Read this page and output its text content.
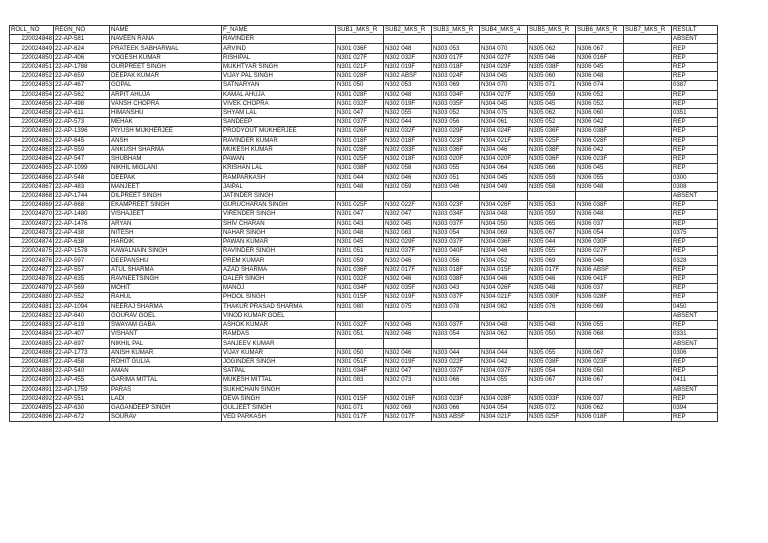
ROLL_NO	REGN_NO	NAME	F_NAME	SUB1_MKS_R	SUB2_MKS_R	SUB3_MKS_R	SUB4_MKS_4	SUB5_MKS_R	SUB6_MKS_R	SUB7_MKS_R	RESULT
220024848	22-AP-581	NAVEEN RANA	RAVINDER								ABSENT
220024849	22-AP-624	PRATEEK SABHARWAL	ARVIND	N301 036F	N302 048	N303 053	N304 070	N305 062	N306 067		REP
220024850	22-AP-406	YOGESH KUMAR	RISHIPAL	N301 027F	N302 032F	N303 017F	N304 027F	N305 046	N306 016F		REP
220024851	22-AP-1788	GURPREET SINGH	MUKHTYAR SINGH	N301 021F	N302 019F	N303 018F	N304 029F	N305 038F	N306 045		REP
220024852	22-AP-659	DEEPAK KUMAR	VIJAY PAL SINGH	N301 028F	N302 ABSF	N303 024F	N304 045	N305 060	N306 048		REP
220024853	22-AP-467	GOPAL	SATNARYAN	N301 050	N302 053	N303 069	N304 070	N305 071	N306 074		0387
220024854	22-AP-562	ARPIT AHUJA	KAMAL AHUJA	N301 028F	N302 048	N303 034F	N304 027F	N305 059	N306 052		REP
220024856	22-AP-498	VANSH CHOPRA	VIVEK CHOPRA	N301 032F	N302 019F	N303 035F	N304 045	N305 045	N306 052		REP
220024858	22-AP-611	HIMANSHU	SHYAM LAL	N301 047	N302 055	N303 052	N304 075	N305 062	N306 060		0351
220024859	22-AP-573	MEHAK	SANDEEP	N301 037F	N302 044	N303 056	N304 061	N305 052	N306 042		REP
220024860	22-AP-1396	PIYUSH MUKHERJEE	PRODYOUT MUKHERJEE	N301 026F	N302 032F	N303 029F	N304 024F	N305 036F	N306 038F		REP
220024862	22-AP-645	ANSH	RAVINDER KUMAR	N301 018F	N302 018F	N303 023F	N304 021F	N305 025F	N306 028F		REP
220024863	22-AP-559	ANKUSH SHARMA	MUKESH KUMAR	N301 028F	N302 033F	N303 036F	N304 046	N305 038F	N306 042		REP
220024864	22-AP-547	SHUBHAM	PAWAN	N301 025F	N302 018F	N303 020F	N304 020F	N305 036F	N306 023F		REP
220024865	22-AP-1099	NIKHIL MIGLANI	KRISHAN LAL	N301 038F	N302 058	N303 055	N304 064	N305 066	N306 045		REP
220024866	22-AP-548	DEEPAK	RAMPARKASH	N301 044	N302 046	N303 051	N304 045	N305 059	N306 055		0300
220024867	22-AP-483	MANJEET	JAIPAL	N301 048	N302 059	N303 046	N304 049	N305 058	N306 048		0308
220024868	22-AP-1744	DILPREET SINGH	JATINDER SINGH								ABSENT
220024869	22-AP-668	EKAMPREET SINGH	GURUCHARAN SINGH	N301 025F	N302 022F	N303 023F	N304 026F	N305 053	N306 038F		REP
220024870	22-AP-1480	VISHAJEET	VIRENDER SINGH	N301 047	N302 047	N303 034F	N304 048	N305 059	N306 048		REP
220024872	22-AP-1476	ARYAN	SHIV CHARAN	N301 043	N302 045	N303 037F	N304 050	N305 065	N306 037		REP
220024873	22-AP-438	NITESH	NAHAR SINGH	N301 048	N302 083	N303 054	N304 069	N305 067	N306 054		0375
220024874	22-AP-638	HARDIK	PAWAN KUMAR	N301 045	N302 029F	N303 037F	N304 036F	N305 044	N306 030F		REP
220024875	22-AP-1578	KAWALNAIN SINGH	RAVINDER SINGH	N301 051	N302 037F	N303 040F	N304 046	N305 055	N306 027F		REP
220024876	22-AP-597	DEEPANSHU	PREM KUMAR	N301 059	N302 046	N303 056	N304 052	N305 069	N306 046		0328
220024877	22-AP-557	ATUL SHARMA	AZAD SHARMA	N301 036F	N302 017F	N303 018F	N304 015F	N305 017F	N306 ABSF		REP
220024878	22-AP-635	RAVNEETSINGH	DALER SINGH	N301 032F	N302 046	N303 038F	N304 046	N305 046	N306 041F		REP
220024879	22-AP-569	MOHIT	MANOJ	N301 034F	N302 035F	N303 043	N304 026F	N305 048	N306 037		REP
220024880	22-AP-552	RAHUL	PHOOL SINGH	N301 015F	N302 019F	N303 037F	N304 021F	N305 030F	N306 028F		REP
220024881	22-AP-1094	NEERAJ SHARMA	THAKUR PRASAD SHARMA	N301 080	N302 075	N303 078	N304 082	N305 076	N306 069		0450
220024882	22-AP-640	GOURAV GOEL	VINOD KUMAR GOEL								ABSENT
220024883	22-AP-619	SWAYAM GABA	ASHOK KUMAR	N301 032F	N302 046	N303 037F	N304 048	N305 048	N306 055		REP
220024884	22-AP-407	VISHANT	RAMDAS	N301 051	N302 046	N303 054	N304 062	N305 050	N306 068		0331
220024885	22-AP-697	NIKHIL PAL	SANJEEV KUMAR								ABSENT
220024886	22-AP-1773	ANISH KUMAR	VIJAY KUMAR	N301 050	N302 046	N303 044	N304 044	N305 055	N306 067		0306
220024887	22-AP-458	ROHIT GULIA	JOGINDER SINGH	N301 051F	N302 019F	N303 022F	N304 042	N305 038F	N306 023F		REP
220024888	22-AP-540	AMAN	SATPAL	N301 034F	N302 047	N303 037F	N304 037F	N305 054	N306 050		REP
220024890	22-AP-455	GARIMA MITTAL	MUKESH MITTAL	N301 083	N302 073	N303 066	N304 055	N305 067	N306 067		0411
220024891	22-AP-1759	PARAS	SUKHCHAIN SINGH								ABSENT
220024892	22-AP-551	LADI	DEVA SINGH	N301 015F	N302 016F	N303 023F	N304 028F	N305 033F	N306 037		REP
220024895	22-AP-630	GAGANDEEP SINGH	GULJEET SINGH	N301 071	N302 069	N303 066	N304 054	N305 072	N306 062		0394
220024896	22-AP-672	SOURAV	VED PARKASH	N301 017F	N302 017F	N303 ABSF	N304 021F	N305 025F	N306 018F		REP
